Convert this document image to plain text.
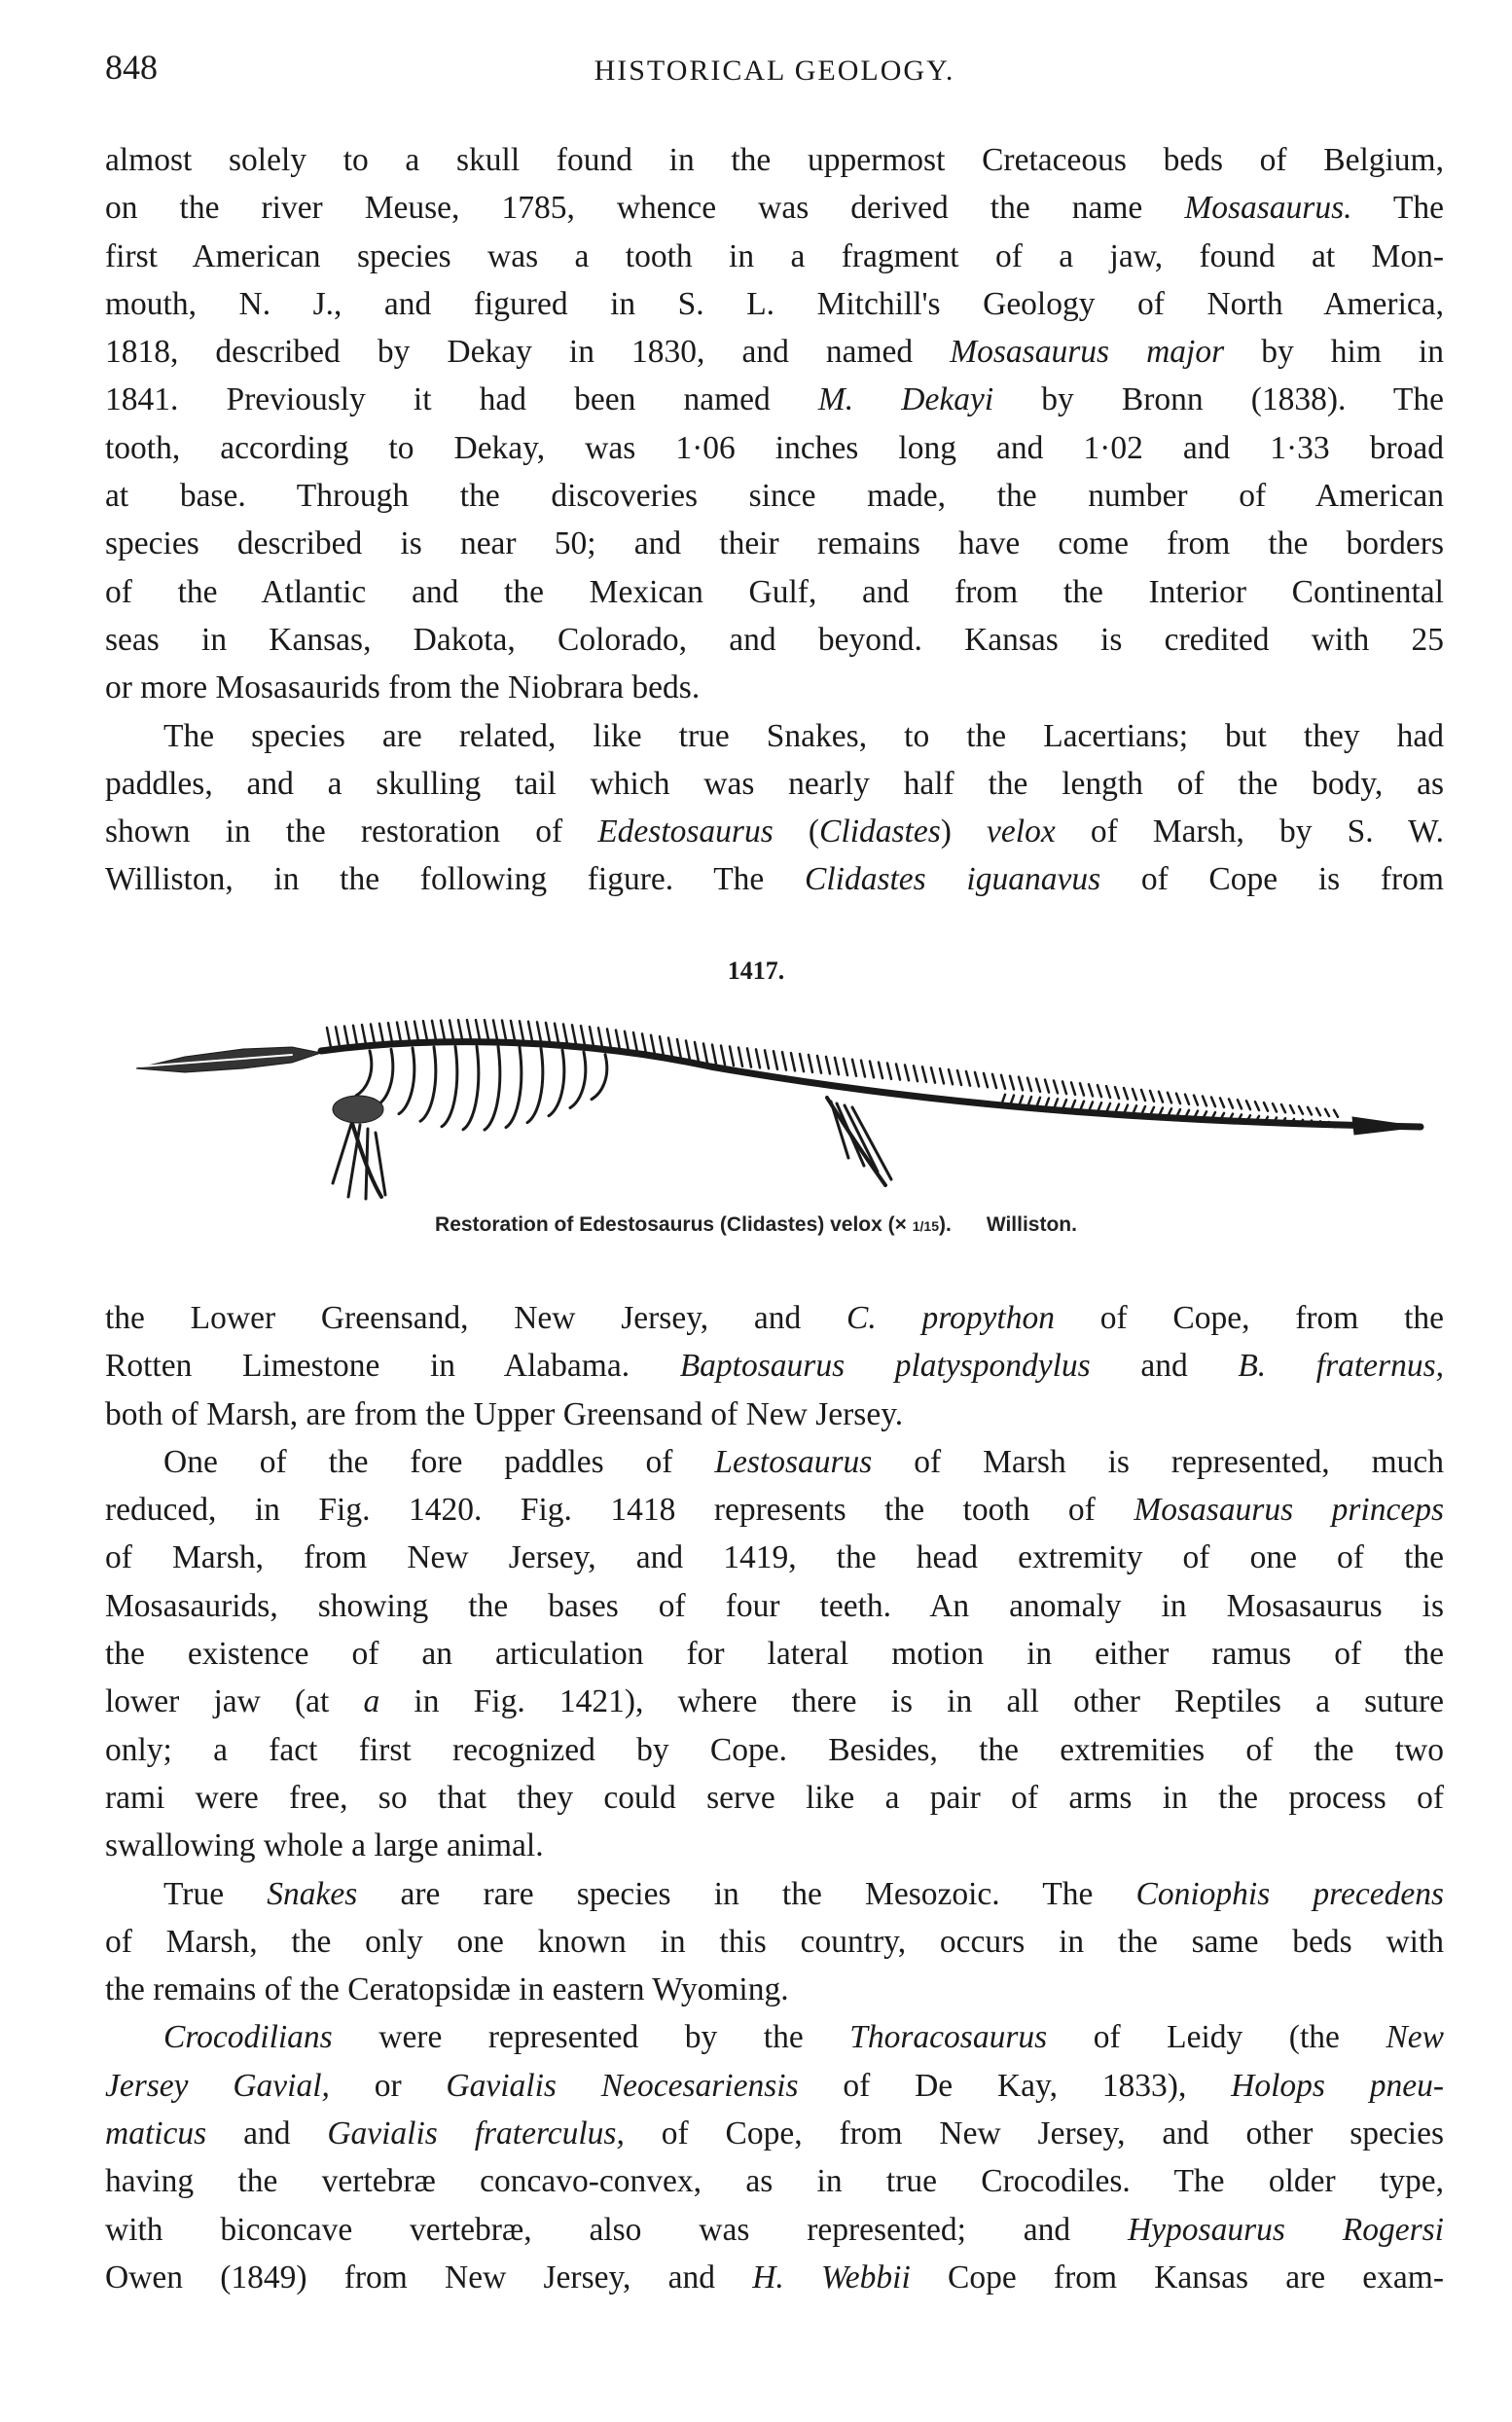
848	HISTORICAL GEOLOGY.
almost solely to a skull found in the uppermost Cretaceous beds of Belgium,
on the river Meuse, 1785, whence was derived the name Mosasaurus. The
first American species was a tooth in a fragment of a jaw, found at Mon-
mouth, N. J., and figured in S. L. Mitchill's Geology of North America,
1818, described by Dekay in 1830, and named Mosasaurus major by him in
1841. Previously it had been named M. Dekayi by Bronn (1838). The
tooth, according to Dekay, was 1·06 inches long and 1·02 and 1·33 broad
at base. Through the discoveries since made, the number of American
species described is near 50; and their remains have come from the borders
of the Atlantic and the Mexican Gulf, and from the Interior Continental
seas in Kansas, Dakota, Colorado, and beyond. Kansas is credited with 25
or more Mosasaurids from the Niobrara beds.
The species are related, like true Snakes, to the Lacertians; but they had
paddles, and a skulling tail which was nearly half the length of the body, as
shown in the restoration of Edestosaurus (Clidastes) velox of Marsh, by S. W.
Williston, in the following figure. The Clidastes iguanavus of Cope is from
1417.
Restoration of Edestosaurus (Clidastes) velox (× 1/15). Williston.
the Lower Greensand, New Jersey, and C. propython of Cope, from the
Rotten Limestone in Alabama. Baptosaurus platyspondylus and B. fraternus,
both of Marsh, are from the Upper Greensand of New Jersey.
One of the fore paddles of Lestosaurus of Marsh is represented, much
reduced, in Fig. 1420. Fig. 1418 represents the tooth of Mosasaurus princeps
of Marsh, from New Jersey, and 1419, the head extremity of one of the
Mosasaurids, showing the bases of four teeth. An anomaly in Mosasaurus is
the existence of an articulation for lateral motion in either ramus of the
lower jaw (at a in Fig. 1421), where there is in all other Reptiles a suture
only; a fact first recognized by Cope. Besides, the extremities of the two
rami were free, so that they could serve like a pair of arms in the process of
swallowing whole a large animal.
True Snakes are rare species in the Mesozoic. The Coniophis precedens
of Marsh, the only one known in this country, occurs in the same beds with
the remains of the Ceratopsidæ in eastern Wyoming.
Crocodilians were represented by the Thoracosaurus of Leidy (the New
Jersey Gavial, or Gavialis Neocesariensis of De Kay, 1833), Holops pneu-
maticus and Gavialis fraterculus, of Cope, from New Jersey, and other species
having the vertebræ concavo-convex, as in true Crocodiles. The older type,
with biconcave vertebræ, also was represented; and Hyposaurus Rogersi
Owen (1849) from New Jersey, and H. Webbii Cope from Kansas are exam-
